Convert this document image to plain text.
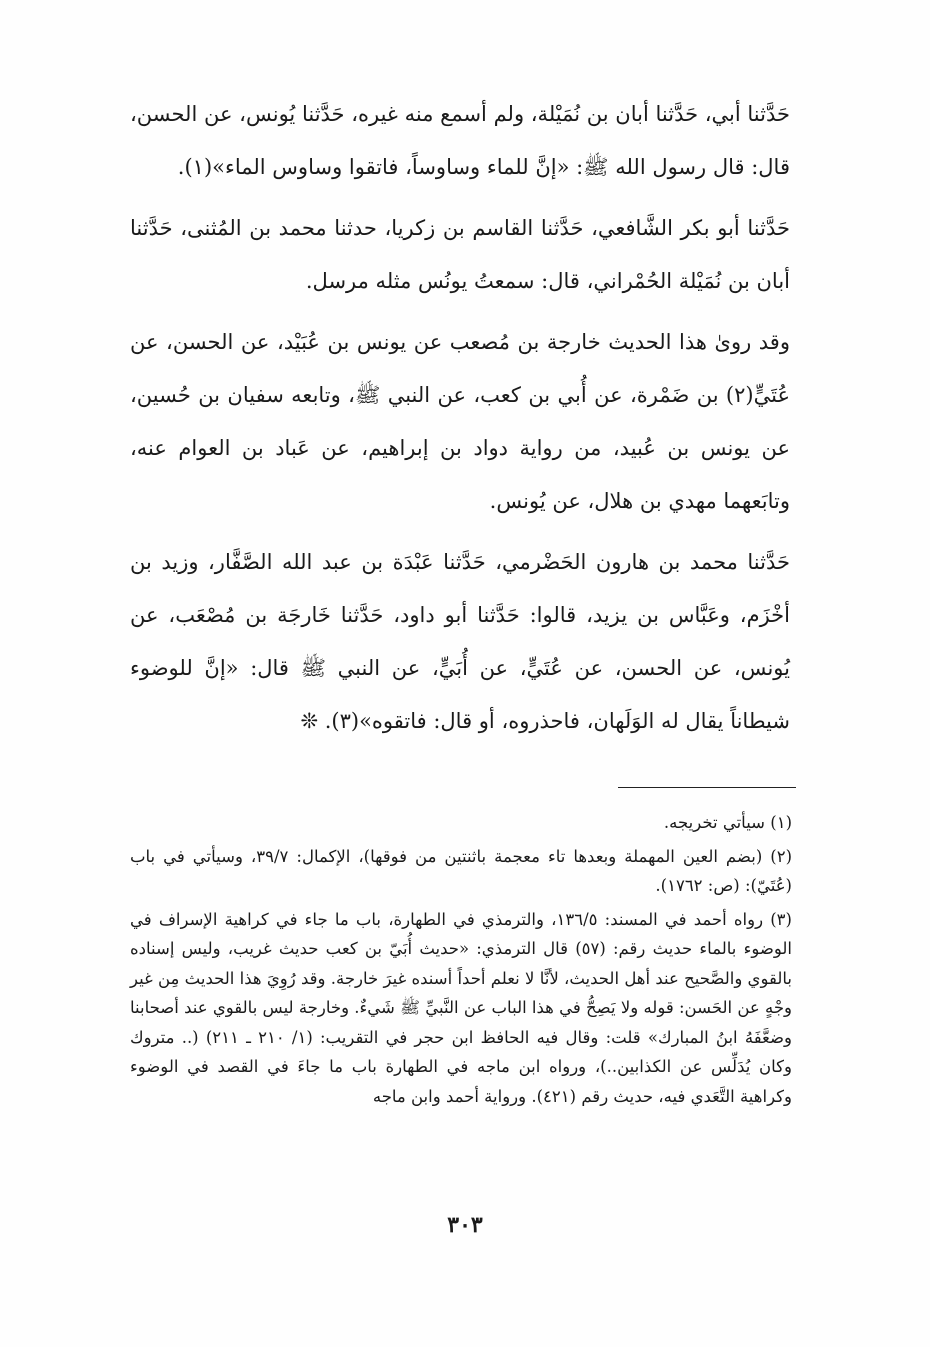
حَدَّثنا أبي، حَدَّثنا أبان بن نُمَيْلة، ولم أسمع منه غيره، حَدَّثنا يُونس، عن الحسن، قال: قال رسول الله ﷺ: «إنَّ للماء وساوساً، فاتقوا وساوس الماء»(١).

حَدَّثنا أبو بكر الشَّافعي، حَدَّثنا القاسم بن زكريا، حدثنا محمد بن المُثنى، حَدَّثنا أبان بن نُمَيْلة الحُمْراني، قال: سمعتُ يونُس مثله مرسل.

وقد روىٰ هذا الحديث خارجة بن مُصعب عن يونس بن عُبَيْد، عن الحسن، عن عُتَيٍّ(٢) بن ضَمْرة، عن أُبي بن كعب، عن النبي ﷺ، وتابعه سفيان بن حُسين، عن يونس بن عُبيد، من رواية دواد بن إبراهيم، عن عَباد بن العوام عنه، وتابَعهما مهدي بن هلال، عن يُونس.

حَدَّثنا محمد بن هارون الحَضْرمي، حَدَّثنا عَبْدَة بن عبد الله الصَّفَّار، وزيد بن أخْزَم، وعَبَّاس بن يزيد، قالوا: حَدَّثنا أبو داود، حَدَّثنا خَارجَة بن مُصْعَب، عن يُونس، عن الحسن، عن عُتَيٍّ، عن أُبَيٍّ، عن النبي ﷺ قال: «إنَّ للوضوء شيطاناً يقال له الوَلَهان، فاحذروه، أو قال: فاتقوه»(٣). ❊

(١) سيأتي تخريجه.

(٢) (بضم العين المهملة وبعدها تاء معجمة باثنتين من فوقها)، الإكمال: ٣٩/٧، وسيأتي في باب (عُتَيّ): (ص: ١٧٦٢).

(٣) رواه أحمد في المسند: ١٣٦/٥، والترمذي في الطهارة، باب ما جاء في كراهية الإسراف في الوضوء بالماء حديث رقم: (٥٧) قال الترمذي: «حديث أُبَيّ بن كعب حديث غريب، وليس إسناده بالقوي والصَّحيح عند أهل الحديث، لأنَّا لا نعلم أحداً أسنده غيرَ خارجة. وقد رُوِيَ هذا الحديث مِن غير وجْهٍ عن الحَسن: قوله ولا يَصِحُّ في هذا الباب عن النَّبيِّ ﷺ شَيءٌ. وخارجة ليس بالقوي عند أصحابنا وضعَّفَهُ ابنُ المبارك» قلت: وقال فيه الحافظ ابن حجر في التقريب: (١/ ٢١٠ ـ ٢١١) (.. متروك وكان يُدَلِّس عن الكذابين..)، ورواه ابن ماجه في الطهارة باب ما جاءَ في القصد في الوضوء وكراهية التَّعَدي فيه، حديث رقم (٤٢١). ورواية أحمد وابن ماجه

٣٠٣
